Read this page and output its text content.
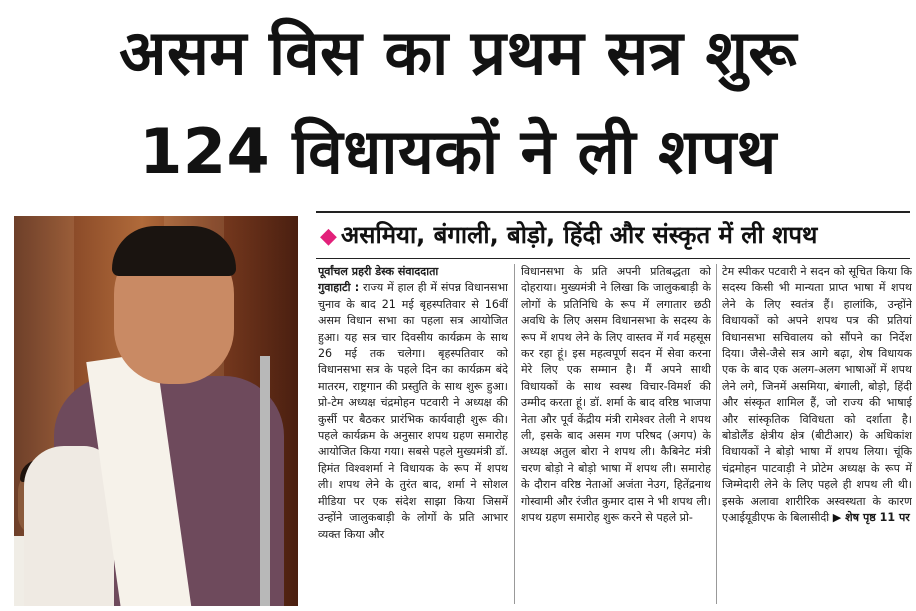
असम विस का प्रथम सत्र शुरू
124 विधायकों ने ली शपथ
◆ असमिया, बंगाली, बोड़ो, हिंदी और संस्कृत में ली शपथ
पूर्वांचल प्रहरी डेस्क संवाददाता
गुवाहाटी : राज्य में हाल ही में संपन्न विधानसभा चुनाव के बाद 21 मई बृहस्पतिवार से 16वीं असम विधान सभा का पहला सत्र आयोजित हुआ। यह सत्र चार दिवसीय कार्यक्रम के साथ 26 मई तक चलेगा। बृहस्पतिवार को विधानसभा सत्र के पहले दिन का कार्यक्रम बंदे मातरम, राष्ट्रगान की प्रस्तुति के साथ शुरू हुआ। प्रो-टेम अध्यक्ष चंद्रमोहन पटवारी ने अध्यक्ष की कुर्सी पर बैठकर प्रारंभिक कार्यवाही शुरू की। पहले कार्यक्रम के अनुसार शपथ ग्रहण समारोह आयोजित किया गया। सबसे पहले मुख्यमंत्री डॉ. हिमंत विश्वशर्मा ने विधायक के रूप में शपथ ली। शपथ लेने के तुरंत बाद, शर्मा ने सोशल मीडिया पर एक संदेश साझा किया जिसमें उन्होंने जालुकबाड़ी के लोगों के प्रति आभार व्यक्त किया और
विधानसभा के प्रति अपनी प्रतिबद्धता को दोहराया। मुख्यमंत्री ने लिखा कि जालुकबाड़ी के लोगों के प्रतिनिधि के रूप में लगातार छठी अवधि के लिए असम विधानसभा के सदस्य के रूप में शपथ लेने के लिए वास्तव में गर्व महसूस कर रहा हूं। इस महत्वपूर्ण सदन में सेवा करना मेरे लिए एक सम्मान है। मैं अपने साथी विधायकों के साथ स्वस्थ विचार-विमर्श की उम्मीद करता हूं। डॉ. शर्मा के बाद वरिष्ठ भाजपा नेता और पूर्व केंद्रीय मंत्री रामेश्वर तेली ने शपथ ली, इसके बाद असम गण परिषद (अगप) के अध्यक्ष अतुल बोरा ने शपथ ली। कैबिनेट मंत्री चरण बोड़ो ने बोड़ो भाषा में शपथ ली। समारोह के दौरान वरिष्ठ नेताओं अजंता नेउग, हितेंद्रनाथ गोस्वामी और रंजीत कुमार दास ने भी शपथ ली। शपथ ग्रहण समारोह शुरू करने से पहले प्रो-
टेम स्पीकर पटवारी ने सदन को सूचित किया कि सदस्य किसी भी मान्यता प्राप्त भाषा में शपथ लेने के लिए स्वतंत्र हैं। हालांकि, उन्होंने विधायकों को अपने शपथ पत्र की प्रतियां विधानसभा सचिवालय को सौंपने का निर्देश दिया। जैसे-जैसे सत्र आगे बढ़ा, शेष विधायक एक के बाद एक अलग-अलग भाषाओं में शपथ लेने लगे, जिनमें असमिया, बंगाली, बोड़ो, हिंदी और संस्कृत शामिल हैं, जो राज्य की भाषाई और सांस्कृतिक विविधता को दर्शाता है। बोडोलैंड क्षेत्रीय क्षेत्र (बीटीआर) के अधिकांश विधायकों ने बोड़ो भाषा में शपथ लिया। चूंकि चंद्रमोहन पाटवाड़ी ने प्रोटेम अध्यक्ष के रूप में जिम्मेदारी लेने के लिए पहले ही शपथ ली थी। इसके अलावा शारीरिक अस्वस्थता के कारण एआईयूडीएफ के बिलासीदी ▶ शेष पृष्ठ 11 पर
